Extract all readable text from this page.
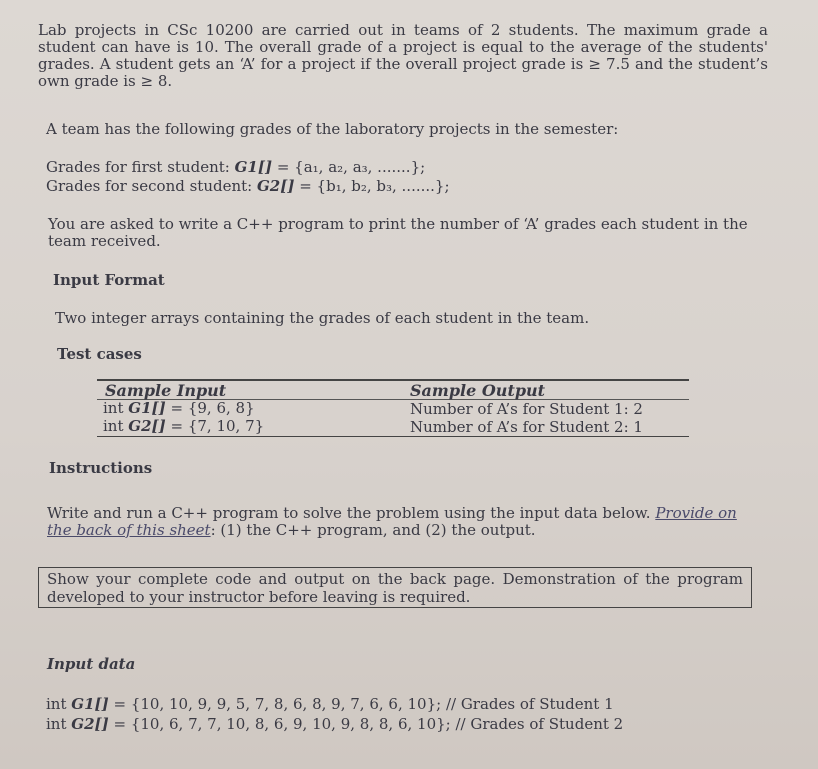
Lab projects in CSc 10200 are carried out in teams of 2 students. The maximum grade a student can have is 10. The overall grade of a project is equal to the average of the students' grades. A student gets an ‘A’ for a project if the overall project grade is ≥ 7.5 and the student’s own grade is ≥ 8.

A team has the following grades of the laboratory projects in the semester:

Grades for first student: G1[] = {a₁, a₂, a₃, .......};

Grades for second student: G2[] = {b₁, b₂, b₃, .......};

You are asked to write a C++ program to print the number of ‘A’ grades each student in the team received.

Input Format

Two integer arrays containing the grades of each student in the team.

Test cases

Sample Input	Sample Output
int G1[] = {9, 6, 8}	Number of A’s for Student 1: 2
int G2[] = {7, 10, 7}	Number of A’s for Student 2: 1

Instructions

Write and run a C++ program to solve the problem using the input data below. Provide on the back of this sheet: (1) the C++ program, and (2) the output.

Show your complete code and output on the back page. Demonstration of the program developed to your instructor before leaving is required.

Input data

int G1[] = {10, 10, 9, 9, 5, 7, 8, 6, 8, 9, 7, 6, 6, 10}; // Grades of Student 1

int G2[] = {10, 6, 7, 7, 10, 8, 6, 9, 10, 9, 8, 8, 6, 10}; // Grades of Student 2
